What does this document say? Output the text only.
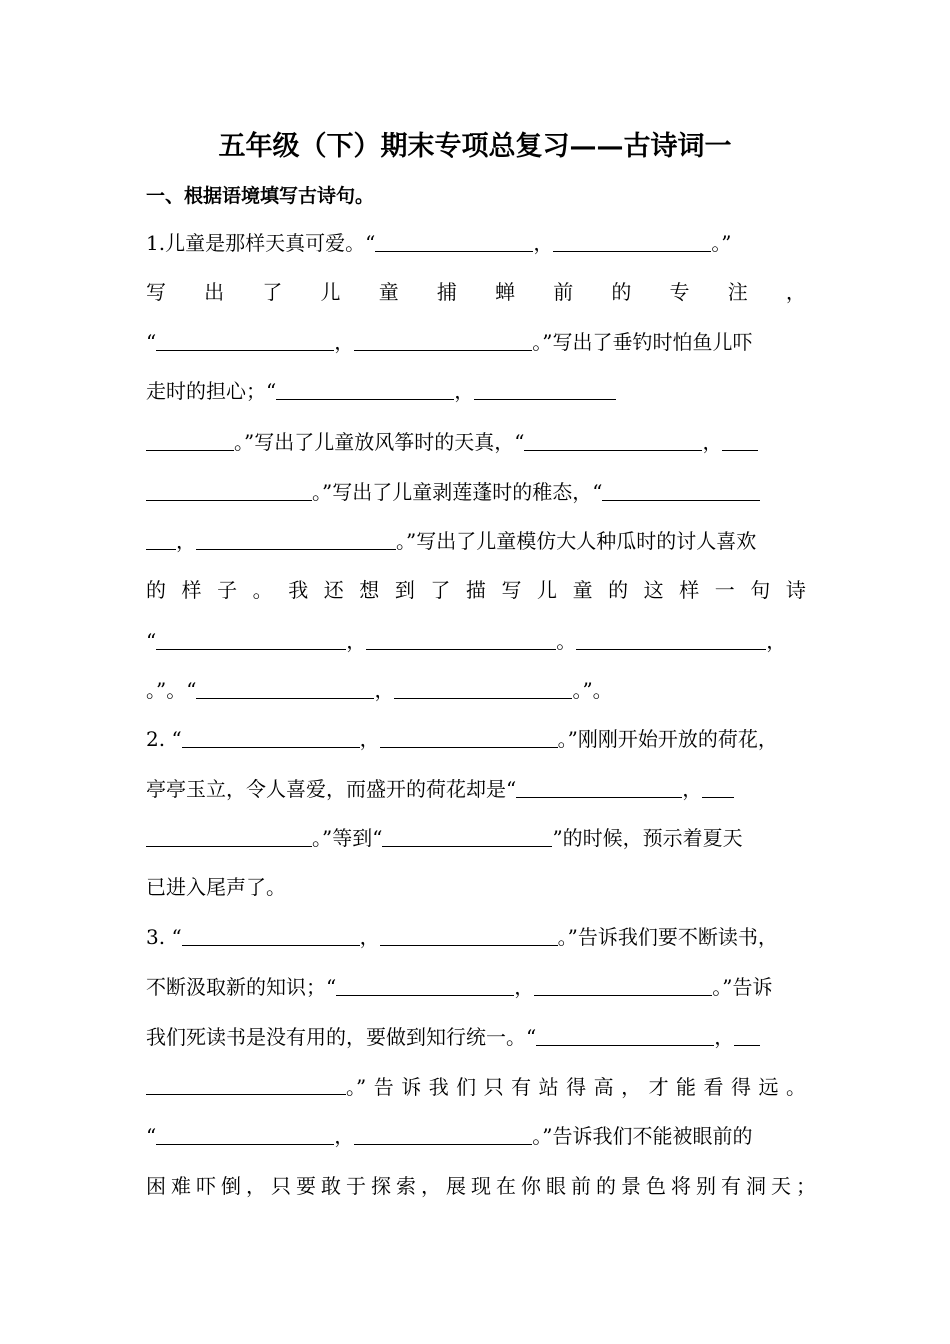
五年级（下）期末专项总复习——古诗词一
一、根据语境填写古诗句。
1.儿童是那样天真可爱。“	，	。”
写 出 了 儿 童 捕 蝉 前 的 专 注 ，
“	，	。”写出了垂钓时怕鱼儿吓
走时的担心；“	，
。”写出了儿童放风筝时的天真，“	，
。”写出了儿童剥莲蓬时的稚态，“
，	。”写出了儿童模仿大人种瓜时的讨人喜欢
的 样 子 。 我 还 想 到 了 描 写 儿 童 的 这 样 一 句 诗
“	，	。	，
。”。“	，	。”。
2. “	，	。”刚刚开始开放的荷花，
亭亭玉立，令人喜爱，而盛开的荷花却是“	，
。”等到“	”的时候，预示着夏天
已进入尾声了。
3. “	，	。”告诉我们要不断读书，
不断汲取新的知识；“	，	。”告诉
我们死读书是没有用的，要做到知行统一。“	，
。” 告 诉 我 们 只 有 站 得 高 ， 才 能 看 得 远 。
“	，	。”告诉我们不能被眼前的
困难吓倒，只要敢于探索，展现在你眼前的景色将别有洞天；
